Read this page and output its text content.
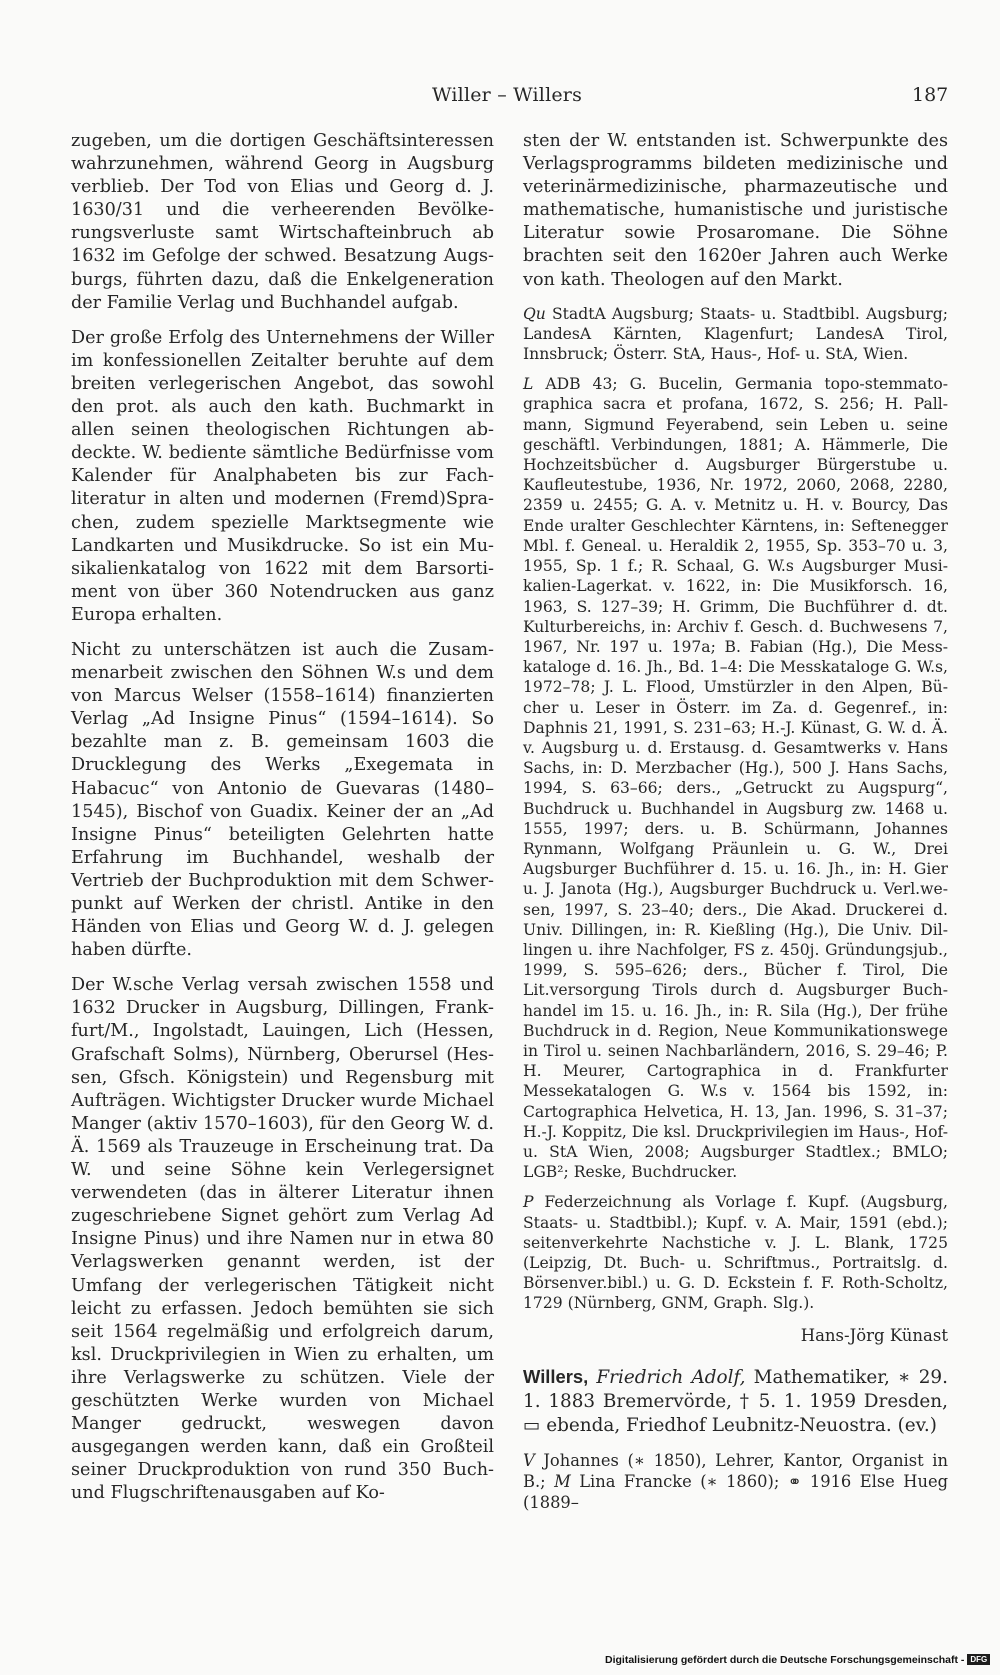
Willer – Willers	187

zugeben, um die dortigen Geschäftsinteressen wahrzunehmen, während Georg in Augsburg verblieb. Der Tod von Elias und Georg d. J. 1630/31 und die verheerenden Bevölkerungsverluste samt Wirtschafteinbruch ab 1632 im Gefolge der schwed. Besatzung Augsburgs, führten dazu, daß die Enkelgeneration der Familie Verlag und Buchhandel aufgab.

Der große Erfolg des Unternehmens der Willer im konfessionellen Zeitalter beruhte auf dem breiten verlegerischen Angebot, das sowohl den prot. als auch den kath. Buchmarkt in allen seinen theologischen Richtungen abdeckte. W. bediente sämtliche Bedürfnisse vom Kalender für Analphabeten bis zur Fachliteratur in alten und modernen (Fremd)Sprachen, zudem spezielle Marktsegmente wie Landkarten und Musikdrucke. So ist ein Musikalienkatalog von 1622 mit dem Barsortiment von über 360 Notendrucken aus ganz Europa erhalten.

Nicht zu unterschätzen ist auch die Zusammenarbeit zwischen den Söhnen W.s und dem von Marcus Welser (1558–1614) finanzierten Verlag „Ad Insigne Pinus“ (1594–1614). So bezahlte man z. B. gemeinsam 1603 die Drucklegung des Werks „Exegemata in Habacuc“ von Antonio de Guevaras (1480–1545), Bischof von Guadix. Keiner der an „Ad Insigne Pinus“ beteiligten Gelehrten hatte Erfahrung im Buchhandel, weshalb der Vertrieb der Buchproduktion mit dem Schwerpunkt auf Werken der christl. Antike in den Händen von Elias und Georg W. d. J. gelegen haben dürfte.

Der W.sche Verlag versah zwischen 1558 und 1632 Drucker in Augsburg, Dillingen, Frankfurt/M., Ingolstadt, Lauingen, Lich (Hessen, Grafschaft Solms), Nürnberg, Oberursel (Hessen, Gfsch. Königstein) und Regensburg mit Aufträgen. Wichtigster Drucker wurde Michael Manger (aktiv 1570–1603), für den Georg W. d. Ä. 1569 als Trauzeuge in Erscheinung trat. Da W. und seine Söhne kein Verlegersignet verwendeten (das in älterer Literatur ihnen zugeschriebene Signet gehört zum Verlag Ad Insigne Pinus) und ihre Namen nur in etwa 80 Verlagswerken genannt werden, ist der Umfang der verlegerischen Tätigkeit nicht leicht zu erfassen. Jedoch bemühten sie sich seit 1564 regelmäßig und erfolgreich darum, ksl. Druckprivilegien in Wien zu erhalten, um ihre Verlagswerke zu schützen. Viele der geschützten Werke wurden von Michael Manger gedruckt, weswegen davon ausgegangen werden kann, daß ein Großteil seiner Druckproduktion von rund 350 Buch- und Flugschriftenausgaben auf Ko-

sten der W. entstanden ist. Schwerpunkte des Verlagsprogramms bildeten medizinische und veterinärmedizinische, pharmazeutische und mathematische, humanistische und juristische Literatur sowie Prosaromane. Die Söhne brachten seit den 1620er Jahren auch Werke von kath. Theologen auf den Markt.

Qu StadtA Augsburg; Staats- u. Stadtbibl. Augsburg; LandesA Kärnten, Klagenfurt; LandesA Tirol, Innsbruck; Österr. StA, Haus-, Hof- u. StA, Wien.

L ADB 43; G. Bucelin, Germania topo-stemmatographica sacra et profana, 1672, S. 256; H. Pallmann, Sigmund Feyerabend, sein Leben u. seine geschäftl. Verbindungen, 1881; A. Hämmerle, Die Hochzeitsbücher d. Augsburger Bürgerstube u. Kaufleutestube, 1936, Nr. 1972, 2060, 2068, 2280, 2359 u. 2455; G. A. v. Metnitz u. H. v. Bourcy, Das Ende uralter Geschlechter Kärntens, in: Seftenegger Mbl. f. Geneal. u. Heraldik 2, 1955, Sp. 353–70 u. 3, 1955, Sp. 1 f.; R. Schaal, G. W.s Augsburger Musikalien-Lagerkat. v. 1622, in: Die Musikforsch. 16, 1963, S. 127–39; H. Grimm, Die Buchführer d. dt. Kulturbereichs, in: Archiv f. Gesch. d. Buchwesens 7, 1967, Nr. 197 u. 197a; B. Fabian (Hg.), Die Messkataloge d. 16. Jh., Bd. 1–4: Die Messkataloge G. W.s, 1972–78; J. L. Flood, Umstürzler in den Alpen, Bücher u. Leser in Österr. im Za. d. Gegenref., in: Daphnis 21, 1991, S. 231–63; H.-J. Künast, G. W. d. Ä. v. Augsburg u. d. Erstausg. d. Gesamtwerks v. Hans Sachs, in: D. Merzbacher (Hg.), 500 J. Hans Sachs, 1994, S. 63–66; ders., „Getruckt zu Augspurg“, Buchdruck u. Buchhandel in Augsburg zw. 1468 u. 1555, 1997; ders. u. B. Schürmann, Johannes Rynmann, Wolfgang Präunlein u. G. W., Drei Augsburger Buchführer d. 15. u. 16. Jh., in: H. Gier u. J. Janota (Hg.), Augsburger Buchdruck u. Verl.wesen, 1997, S. 23–40; ders., Die Akad. Druckerei d. Univ. Dillingen, in: R. Kießling (Hg.), Die Univ. Dillingen u. ihre Nachfolger, FS z. 450j. Gründungsjub., 1999, S. 595–626; ders., Bücher f. Tirol, Die Lit.versorgung Tirols durch d. Augsburger Buchhandel im 15. u. 16. Jh., in: R. Sila (Hg.), Der frühe Buchdruck in d. Region, Neue Kommunikationswege in Tirol u. seinen Nachbarländern, 2016, S. 29–46; P. H. Meurer, Cartographica in d. Frankfurter Messekatalogen G. W.s v. 1564 bis 1592, in: Cartographica Helvetica, H. 13, Jan. 1996, S. 31–37; H.-J. Koppitz, Die ksl. Druckprivilegien im Haus-, Hof- u. StA Wien, 2008; Augsburger Stadtlex.; BMLO; LGB²; Reske, Buchdrucker.

P Federzeichnung als Vorlage f. Kupf. (Augsburg, Staats- u. Stadtbibl.); Kupf. v. A. Mair, 1591 (ebd.); seitenverkehrte Nachstiche v. J. L. Blank, 1725 (Leipzig, Dt. Buch- u. Schriftmus., Portraitslg. d. Börsenver.bibl.) u. G. D. Eckstein f. F. Roth-Scholtz, 1729 (Nürnberg, GNM, Graph. Slg.).

Hans-Jörg Künast

Willers, Friedrich Adolf, Mathematiker, ∗ 29. 1. 1883 Bremervörde, † 5. 1. 1959 Dresden, ▭ ebenda, Friedhof Leubnitz-Neuostra. (ev.)

V Johannes (∗ 1850), Lehrer, Kantor, Organist in B.; M Lina Francke (∗ 1860); ⚭ 1916 Else Hueg (1889–

Digitalisierung gefördert durch die Deutsche Forschungsgemeinschaft - DFG
